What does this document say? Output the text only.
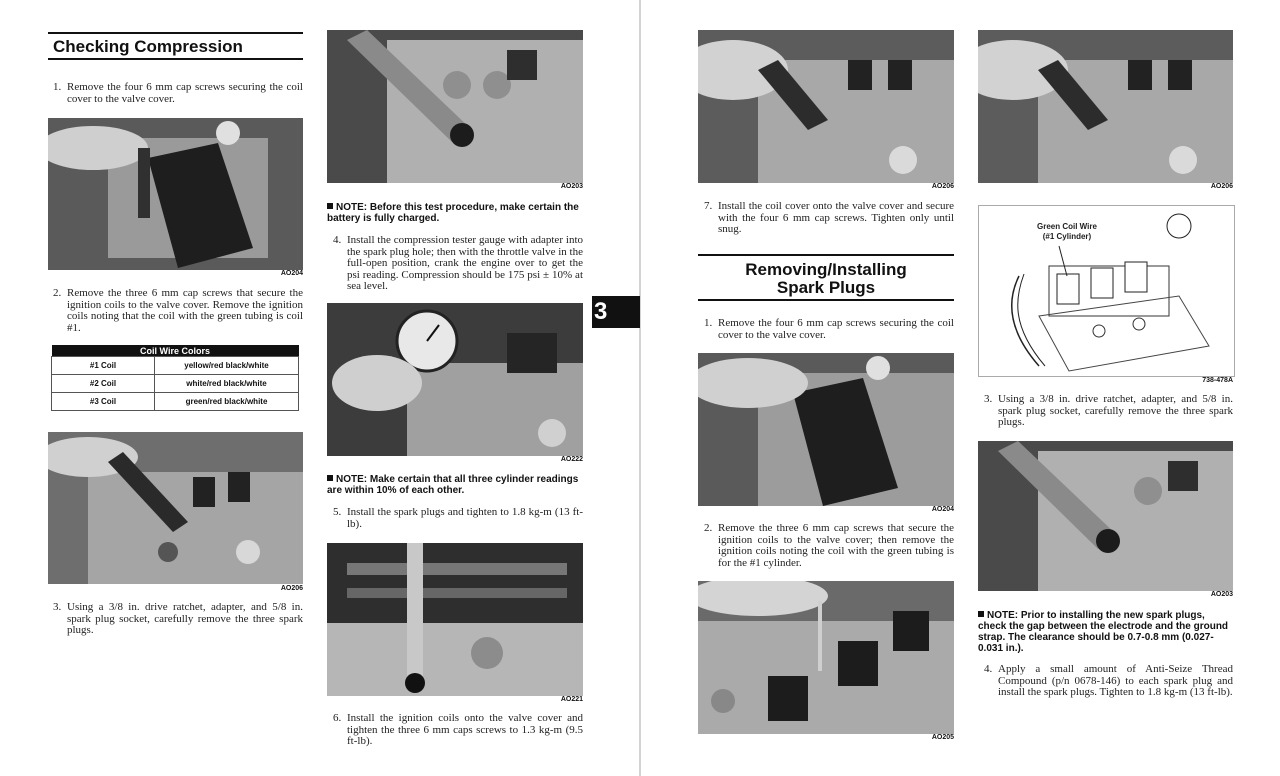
Checking Compression
1. Remove the four 6 mm cap screws securing the coil cover to the valve cover.
AO204
2. Remove the three 6 mm cap screws that secure the ignition coils to the valve cover. Remove the ignition coils noting that the coil with the green tubing is coil #1.
Coil Wire Colors	
#1 Coil	yellow/red black/white
#2 Coil	white/red black/white
#3 Coil	green/red black/white
AO206
3. Using a 3/8 in. drive ratchet, adapter, and 5/8 in. spark plug socket, carefully remove the three spark plugs.
AO203
NOTE: Before this test procedure, make certain the battery is fully charged.
4. Install the compression tester gauge with adapter into the spark plug hole; then with the throttle valve in the full-open position, crank the engine over to get the psi reading. Compression should be 175 psi ± 10% at sea level.
AO222
NOTE: Make certain that all three cylinder readings are within 10% of each other.
5. Install the spark plugs and tighten to 1.8 kg-m (13 ft-lb).
AO221
6. Install the ignition coils onto the valve cover and tighten the three 6 mm caps screws to 1.3 kg-m (9.5 ft-lb).
3
AO206
7. Install the coil cover onto the valve cover and secure with the four 6 mm cap screws. Tighten only until snug.
Removing/Installing
Spark Plugs
1. Remove the four 6 mm cap screws securing the coil cover to the valve cover.
AO204
2. Remove the three 6 mm cap screws that secure the ignition coils to the valve cover; then remove the ignition coils noting the coil with the green tubing is for the #1 cylinder.
AO205
AO206
Green Coil Wire
(#1 Cylinder)
738-478A
3. Using a 3/8 in. drive ratchet, adapter, and 5/8 in. spark plug socket, carefully remove the three spark plugs.
AO203
NOTE: Prior to installing the new spark plugs, check the gap between the electrode and the ground strap. The clearance should be 0.7-0.8 mm (0.027-0.031 in.).
4. Apply a small amount of Anti-Seize Thread Compound (p/n 0678-146) to each spark plug and install the spark plugs. Tighten to 1.8 kg-m (13 ft-lb).
